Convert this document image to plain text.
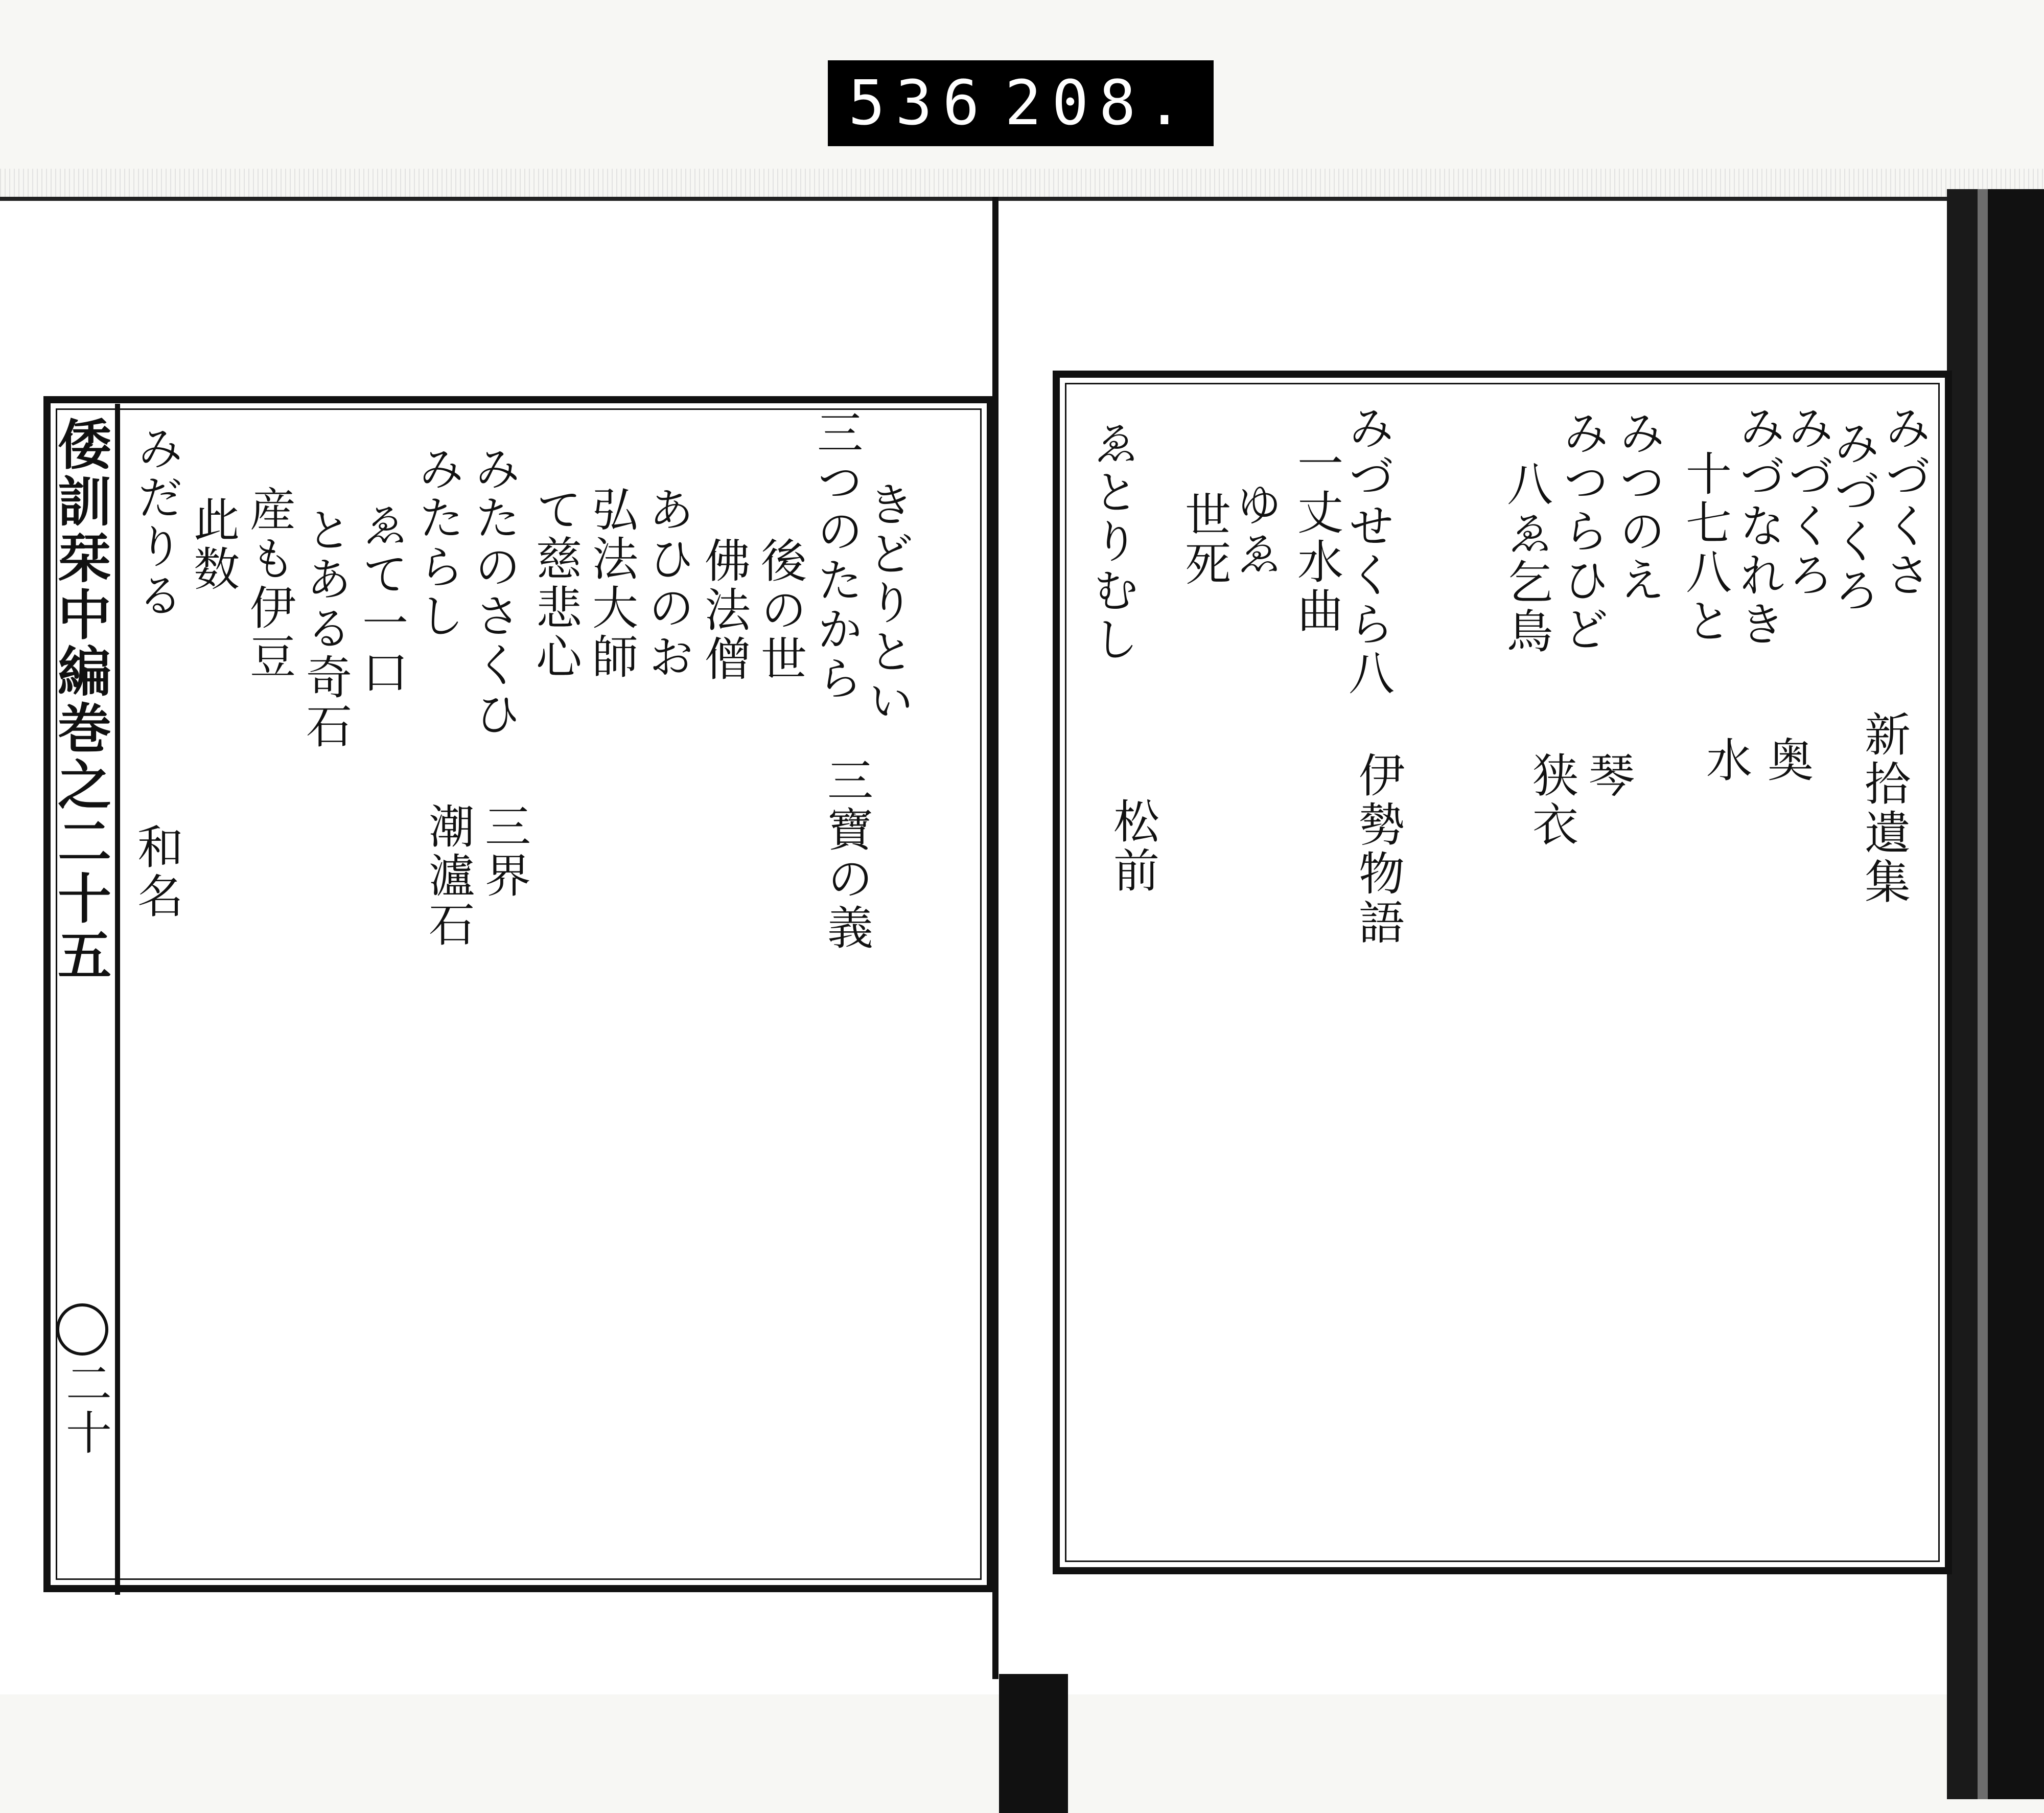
536 208.
倭訓栞中編巻之二十五
二十
みづくさ
みづくろ
みづくろ
みづなれき
十七八と
みつのえ
みつらひど
八ゑ乞鳥
みづせくら八
一丈水曲
ゆゑ
世死
ゑとりむし
新拾遺集
奥
水
琴
狭衣
伊勢物語
松前
きどりとい
三つのたから
後の世
佛法僧
あひのお
弘法大師
て慈悲心
みたのさくひ
みたらし
ゑて一口
とある奇石
産も伊豆
此数
みだりる
三寶の義
三界
潮瀘石
和名
